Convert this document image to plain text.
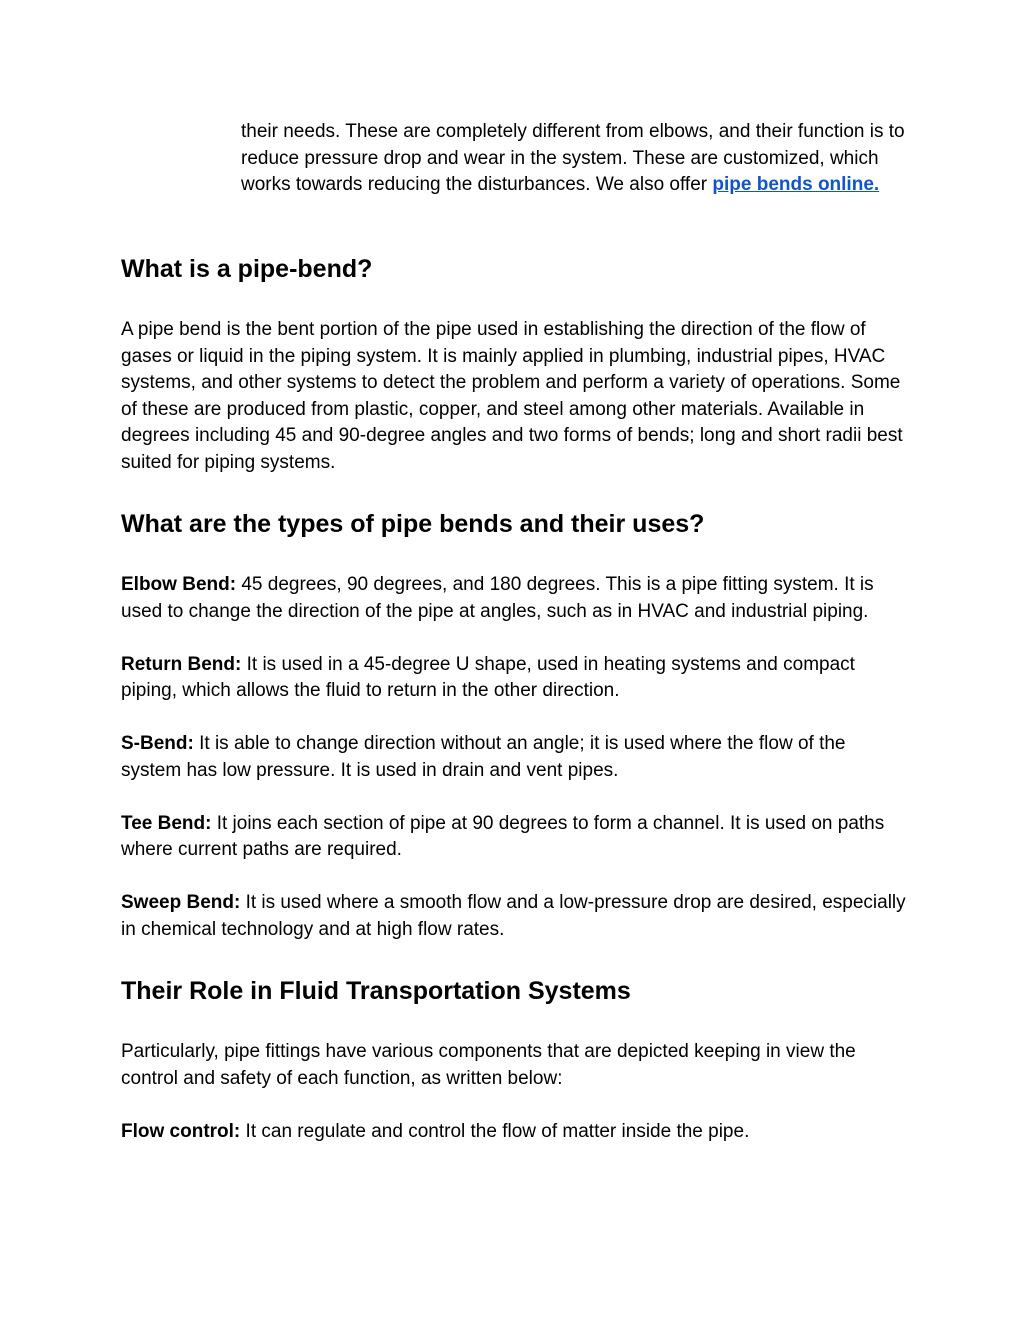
their needs. These are completely different from elbows, and their function is to reduce pressure drop and wear in the system. These are customized, which works towards reducing the disturbances. We also offer pipe bends online.

What is a pipe-bend?

A pipe bend is the bent portion of the pipe used in establishing the direction of the flow of gases or liquid in the piping system. It is mainly applied in plumbing, industrial pipes, HVAC systems, and other systems to detect the problem and perform a variety of operations. Some of these are produced from plastic, copper, and steel among other materials. Available in degrees including 45 and 90-degree angles and two forms of bends; long and short radii best suited for piping systems.

What are the types of pipe bends and their uses?

Elbow Bend: 45 degrees, 90 degrees, and 180 degrees. This is a pipe fitting system. It is used to change the direction of the pipe at angles, such as in HVAC and industrial piping.

Return Bend: It is used in a 45-degree U shape, used in heating systems and compact piping, which allows the fluid to return in the other direction.

S-Bend: It is able to change direction without an angle; it is used where the flow of the system has low pressure. It is used in drain and vent pipes.

Tee Bend: It joins each section of pipe at 90 degrees to form a channel. It is used on paths where current paths are required.

Sweep Bend: It is used where a smooth flow and a low-pressure drop are desired, especially in chemical technology and at high flow rates.

Their Role in Fluid Transportation Systems

Particularly, pipe fittings have various components that are depicted keeping in view the control and safety of each function, as written below:

Flow control: It can regulate and control the flow of matter inside the pipe.
